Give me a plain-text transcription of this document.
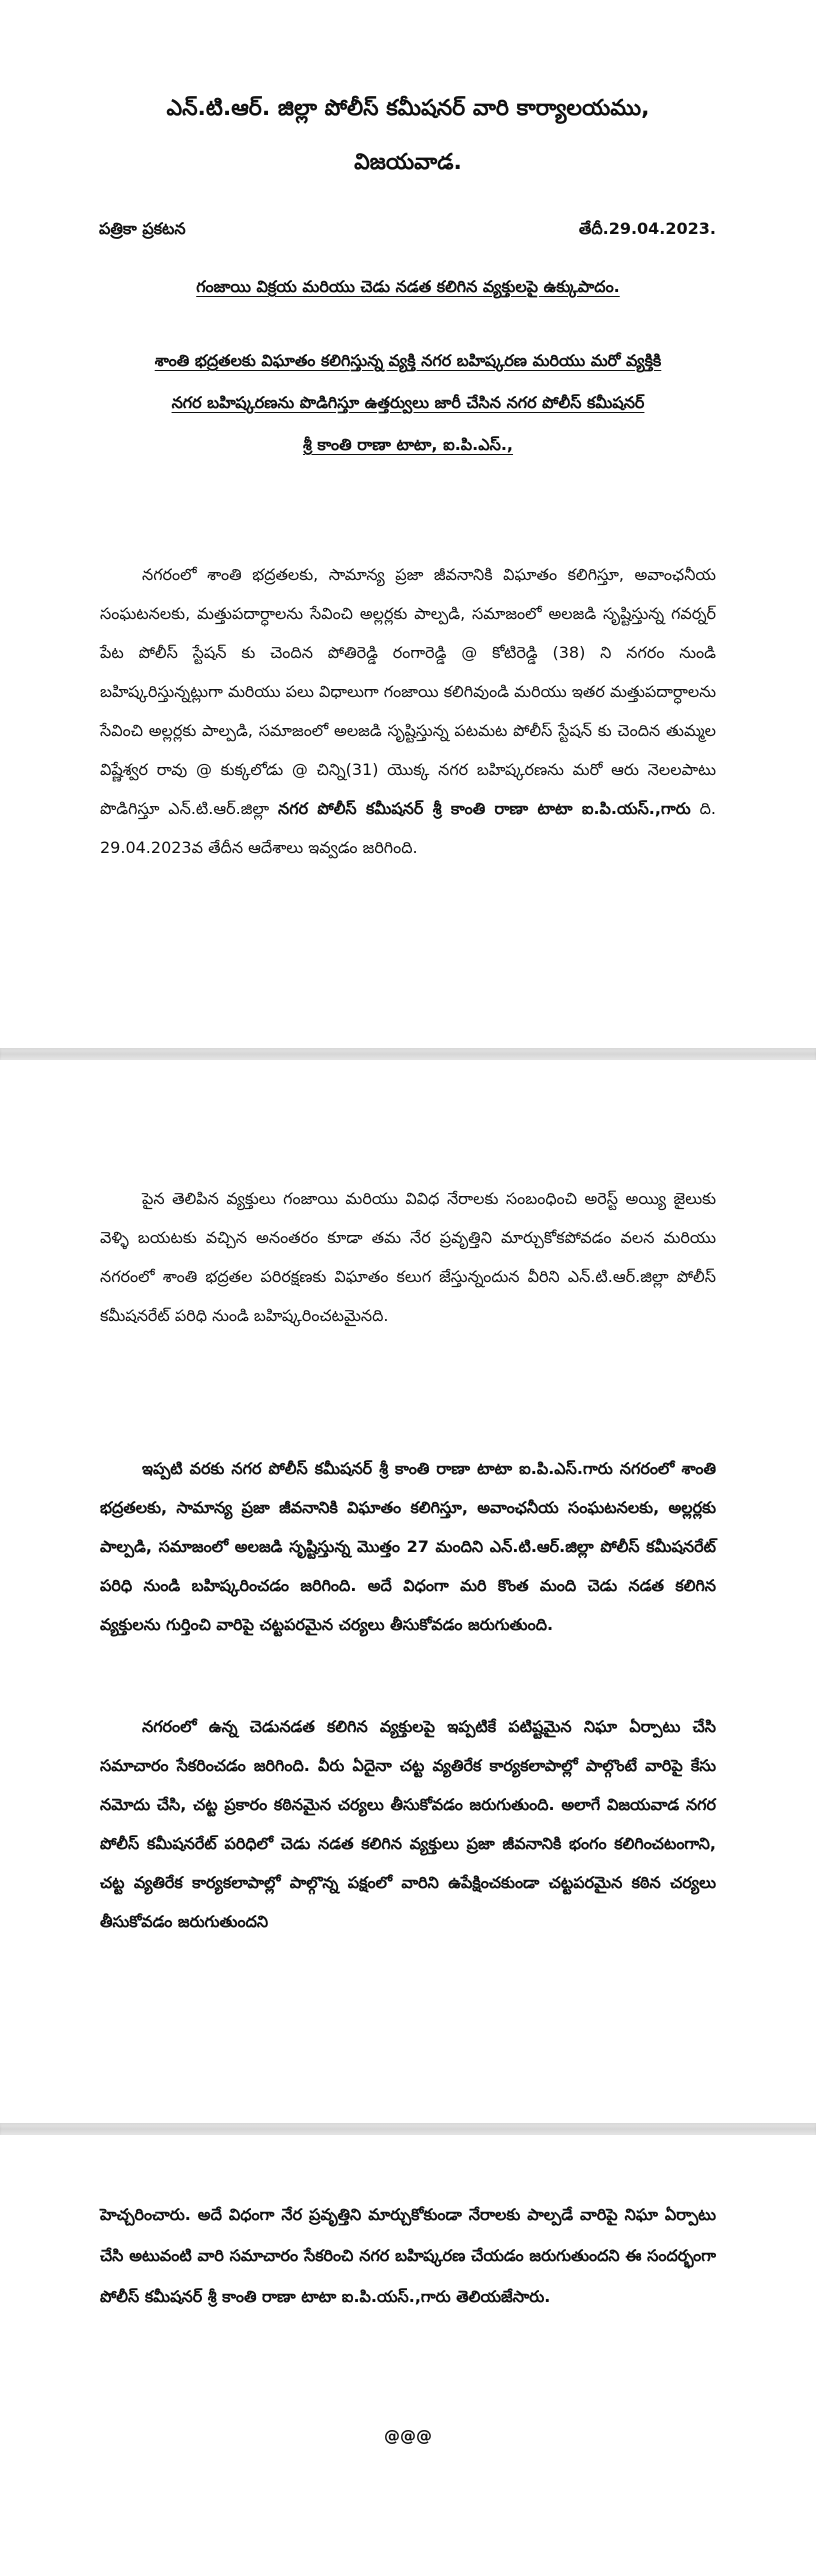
ఎన్.టి.ఆర్. జిల్లా పోలీస్ కమీషనర్ వారి కార్యాలయము,
విజయవాడ.
పత్రికా ప్రకటన	తేదీ.29.04.2023.
గంజాయి విక్రయ మరియు చెడు నడత కలిగిన వ్యక్తులపై ఉక్కుపాదం.
శాంతి భద్రతలకు విఘాతం కలిగిస్తున్న వ్యక్తి నగర బహిష్కరణ మరియు మరో వ్యక్తికి
నగర బహిష్కరణను పొడిగిస్తూ ఉత్తర్వులు జారీ చేసిన నగర పోలీస్ కమీషనర్
శ్రీ కాంతి రాణా టాటా, ఐ.పి.ఎస్.,
నగరంలో శాంతి భద్రతలకు, సామాన్య ప్రజా జీవనానికి విఘాతం కలిగిస్తూ, అవాంఛనీయ సంఘటనలకు, మత్తుపదార్ధాలను సేవించి అల్లర్లకు పాల్పడి, సమాజంలో అలజడి సృష్టిస్తున్న గవర్నర్ పేట పోలీస్ స్టేషన్ కు చెందిన పోతిరెడ్డి రంగారెడ్డి @ కోటిరెడ్డి (38) ని నగరం నుండి బహిష్కరిస్తున్నట్లుగా మరియు పలు విధాలుగా గంజాయి కలిగివుండి మరియు ఇతర మత్తుపదార్ధాలను సేవించి అల్లర్లకు పాల్పడి, సమాజంలో అలజడి సృష్టిస్తున్న పటమట పోలీస్ స్టేషన్ కు చెందిన తుమ్మల విష్ణేశ్వర రావు @ కుక్కలోడు @ చిన్ని(31) యొక్క నగర బహిష్కరణను మరో ఆరు నెలలపాటు పొడిగిస్తూ ఎన్.టి.ఆర్.జిల్లా నగర పోలీస్ కమీషనర్ శ్రీ కాంతి రాణా టాటా ఐ.పి.యస్.,గారు ది. 29.04.2023వ తేదీన ఆదేశాలు ఇవ్వడం జరిగింది.
పైన తెలిపిన వ్యక్తులు గంజాయి మరియు వివిధ నేరాలకు సంబంధించి అరెస్ట్ అయ్యి జైలుకు వెళ్ళి బయటకు వచ్చిన అనంతరం కూడా తమ నేర ప్రవృత్తిని మార్చుకోకపోవడం వలన మరియు నగరంలో శాంతి భద్రతల పరిరక్షణకు విఘాతం కలుగ జేస్తున్నందున వీరిని ఎన్.టి.ఆర్.జిల్లా పోలీస్ కమీషనరేట్ పరిధి నుండి బహిష్కరించటమైనది.
ఇప్పటి వరకు నగర పోలీస్ కమీషనర్ శ్రీ కాంతి రాణా టాటా ఐ.పి.ఎస్.గారు నగరంలో శాంతి భద్రతలకు, సామాన్య ప్రజా జీవనానికి విఘాతం కలిగిస్తూ, అవాంఛనీయ సంఘటనలకు, అల్లర్లకు పాల్పడి, సమాజంలో అలజడి సృష్టిస్తున్న మొత్తం 27 మందిని ఎన్.టి.ఆర్.జిల్లా పోలీస్ కమీషనరేట్ పరిధి నుండి బహిష్కరించడం జరిగింది. అదే విధంగా మరి కొంత మంది చెడు నడత కలిగిన వ్యక్తులను గుర్తించి వారిపై చట్టపరమైన చర్యలు తీసుకోవడం జరుగుతుంది.
నగరంలో ఉన్న చెడునడత కలిగిన వ్యక్తులపై ఇప్పటికే పటిష్టమైన నిఘా ఏర్పాటు చేసి సమాచారం సేకరించడం జరిగింది. వీరు ఏదైనా చట్ట వ్యతిరేక కార్యకలాపాల్లో పాల్గొంటే వారిపై కేసు నమోదు చేసి, చట్ట ప్రకారం కఠినమైన చర్యలు తీసుకోవడం జరుగుతుంది. అలాగే విజయవాడ నగర పోలీస్ కమీషనరేట్ పరిధిలో చెడు నడత కలిగిన వ్యక్తులు ప్రజా జీవనానికి భంగం కలిగించటంగాని, చట్ట వ్యతిరేక కార్యకలాపాల్లో పాల్గొన్న పక్షంలో వారిని ఉపేక్షించకుండా చట్టపరమైన కఠిన చర్యలు తీసుకోవడం జరుగుతుందని
హెచ్చరించారు. అదే విధంగా నేర ప్రవృత్తిని మార్చుకోకుండా నేరాలకు పాల్పడే వారిపై నిఘా ఏర్పాటు చేసి అటువంటి వారి సమాచారం సేకరించి నగర బహిష్కరణ చేయడం జరుగుతుందని ఈ సందర్భంగా పోలీస్ కమీషనర్ శ్రీ కాంతి రాణా టాటా ఐ.పి.యస్.,గారు తెలియజేసారు.
@@@
